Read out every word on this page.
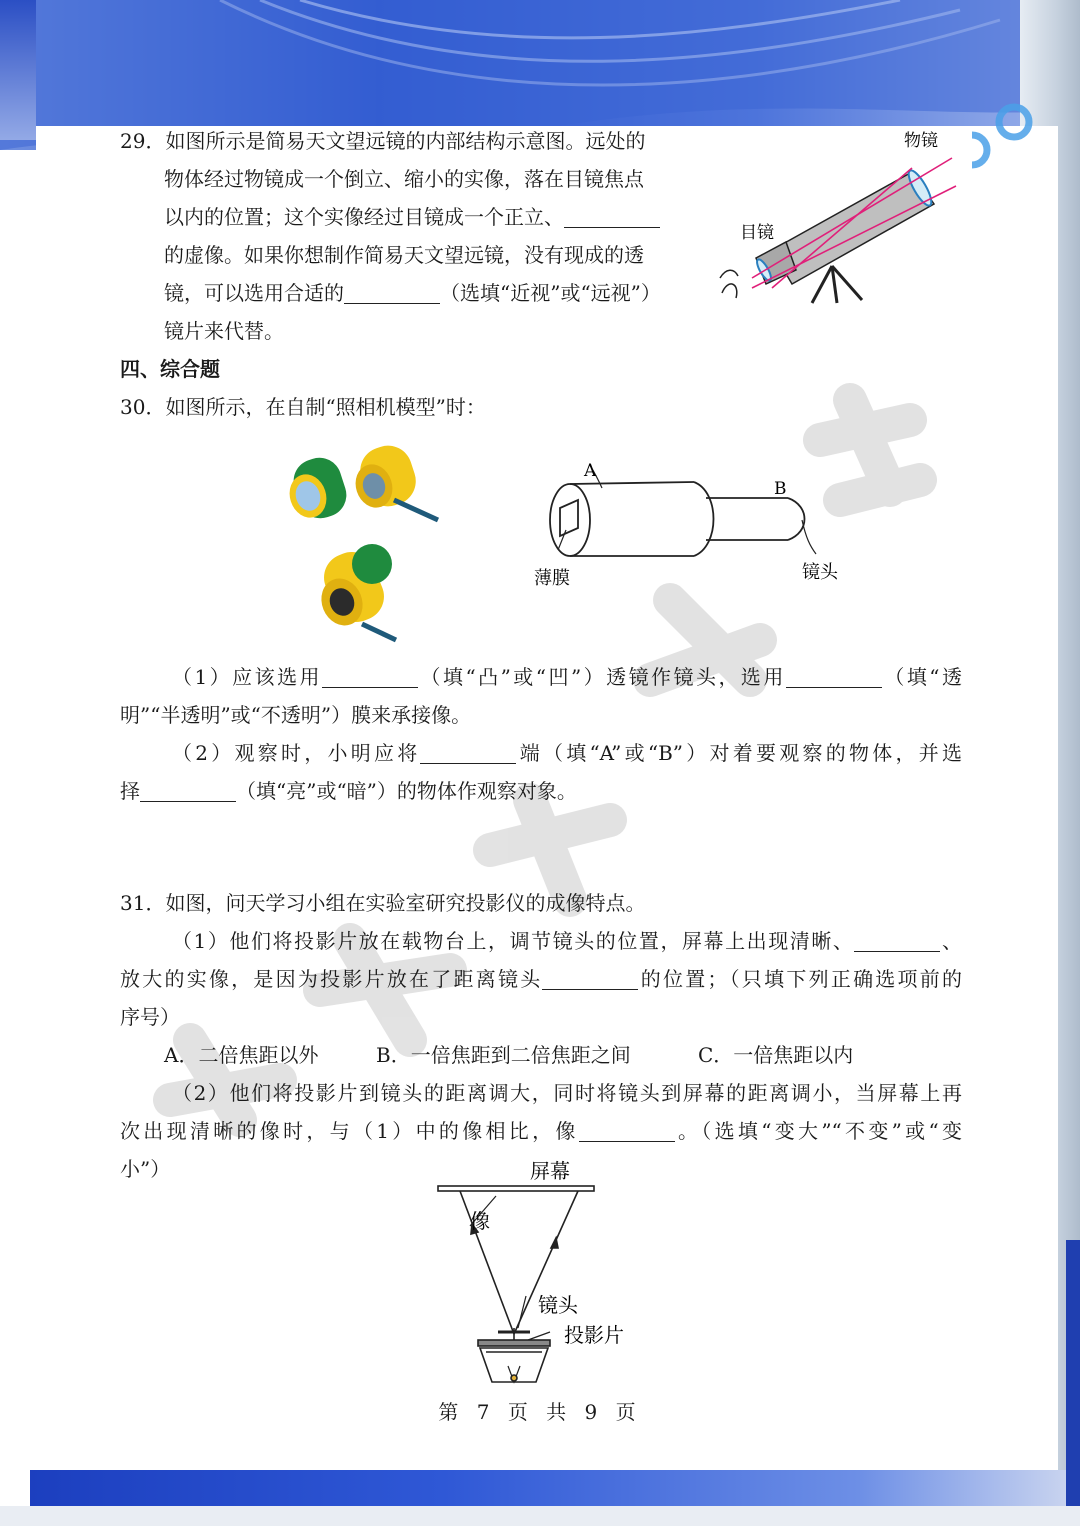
29．如图所示是简易天文望远镜的内部结构示意图。远处的
物体经过物镜成一个倒立、缩小的实像，落在目镜焦点
以内的位置；这个实像经过目镜成一个正立、
的虚像。如果你想制作简易天文望远镜，没有现成的透
镜，可以选用合适的	（选填“近视”或“远视”）
镜片来代替。
物镜
目镜
四、综合题
30．如图所示，在自制“照相机模型”时：
A
B
薄膜	镜头
（1）应该选用	（填“凸”或“凹”）透镜作镜头，选用	（填“透
明”“半透明”或“不透明”）膜来承接像。
（2）观察时，小明应将	端（填“A”或“B”）对着要观察的物体，并选
择	（填“亮”或“暗”）的物体作观察对象。
31．如图，问天学习小组在实验室研究投影仪的成像特点。
（1）他们将投影片放在载物台上，调节镜头的位置，屏幕上出现清晰、	、
放大的实像，是因为投影片放在了距离镜头	的位置；（只填下列正确选项前的
序号）
A．二倍焦距以外	B．一倍焦距到二倍焦距之间	C．一倍焦距以内
（2）他们将投影片到镜头的距离调大，同时将镜头到屏幕的距离调小，当屏幕上再
次出现清晰的像时，与（1）中的像相比，像	。（选填“变大”“不变”或“变
小”）	屏幕
像
镜头
投影片
第 7 页 共 9 页
